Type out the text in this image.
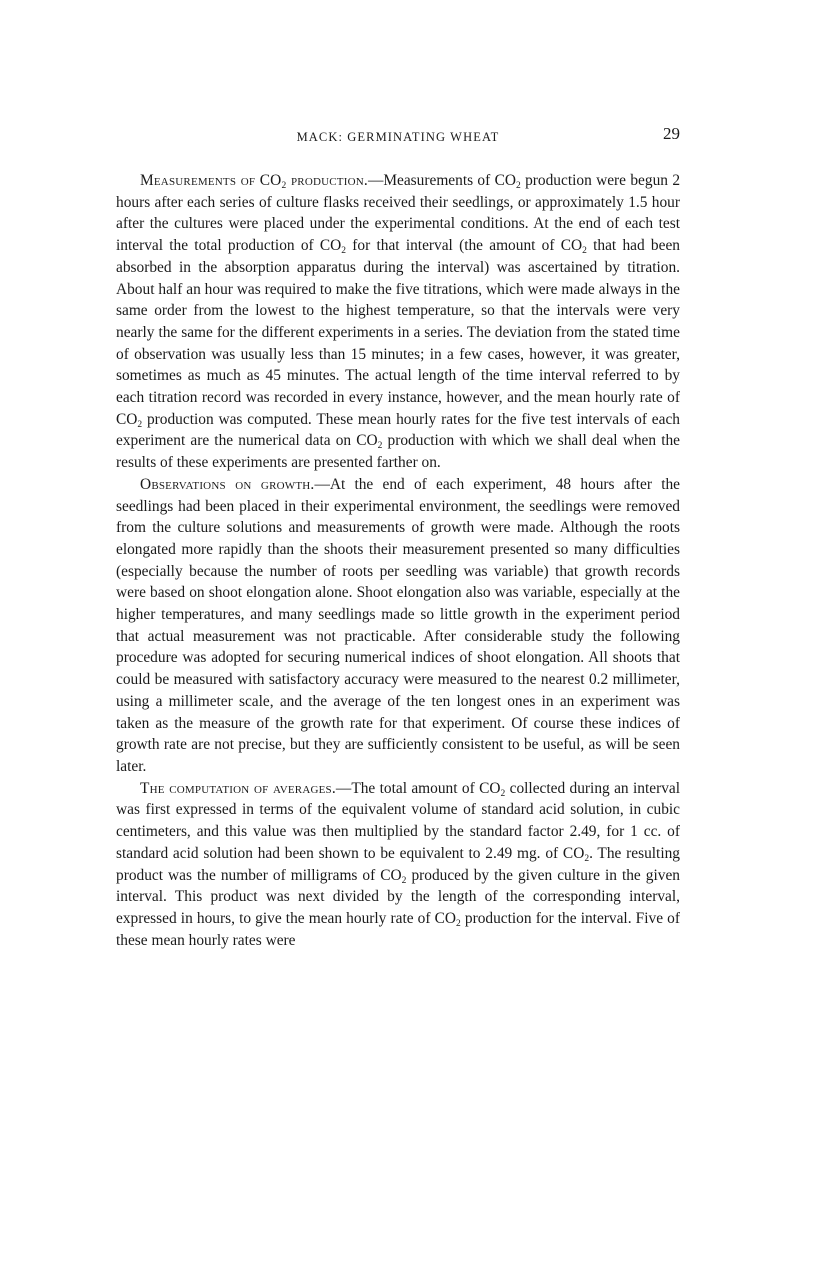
MACK: GERMINATING WHEAT	29

Measurements of $CO_2$ production.—Measurements of $CO_2$ production were begun 2 hours after each series of culture flasks received their seedlings, or approximately 1.5 hour after the cultures were placed under the experimental conditions. At the end of each test interval the total production of $CO_2$ for that interval (the amount of $CO_2$ that had been absorbed in the absorption apparatus during the interval) was ascertained by titration. About half an hour was required to make the five titrations, which were made always in the same order from the lowest to the highest temperature, so that the intervals were very nearly the same for the different experiments in a series. The deviation from the stated time of observation was usually less than 15 minutes; in a few cases, however, it was greater, sometimes as much as 45 minutes. The actual length of the time interval referred to by each titration record was recorded in every instance, however, and the mean hourly rate of $CO_2$ production was computed. These mean hourly rates for the five test intervals of each experiment are the numerical data on $CO_2$ production with which we shall deal when the results of these experiments are presented farther on.

Observations on growth.—At the end of each experiment, 48 hours after the seedlings had been placed in their experimental environment, the seedlings were removed from the culture solutions and measurements of growth were made. Although the roots elongated more rapidly than the shoots their measurement presented so many difficulties (especially because the number of roots per seedling was variable) that growth records were based on shoot elongation alone. Shoot elongation also was variable, especially at the higher temperatures, and many seedlings made so little growth in the experiment period that actual measurement was not practicable. After considerable study the following procedure was adopted for securing numerical indices of shoot elongation. All shoots that could be measured with satisfactory accuracy were measured to the nearest 0.2 millimeter, using a millimeter scale, and the average of the ten longest ones in an experiment was taken as the measure of the growth rate for that experiment. Of course these indices of growth rate are not precise, but they are sufficiently consistent to be useful, as will be seen later.

The computation of averages.—The total amount of $CO_2$ collected during an interval was first expressed in terms of the equivalent volume of standard acid solution, in cubic centimeters, and this value was then multiplied by the standard factor 2.49, for 1 cc. of standard acid solution had been shown to be equivalent to 2.49 mg. of $CO_2$. The resulting product was the number of milligrams of $CO_2$ produced by the given culture in the given interval. This product was next divided by the length of the corresponding interval, expressed in hours, to give the mean hourly rate of $CO_2$ production for the interval. Five of these mean hourly rates were
